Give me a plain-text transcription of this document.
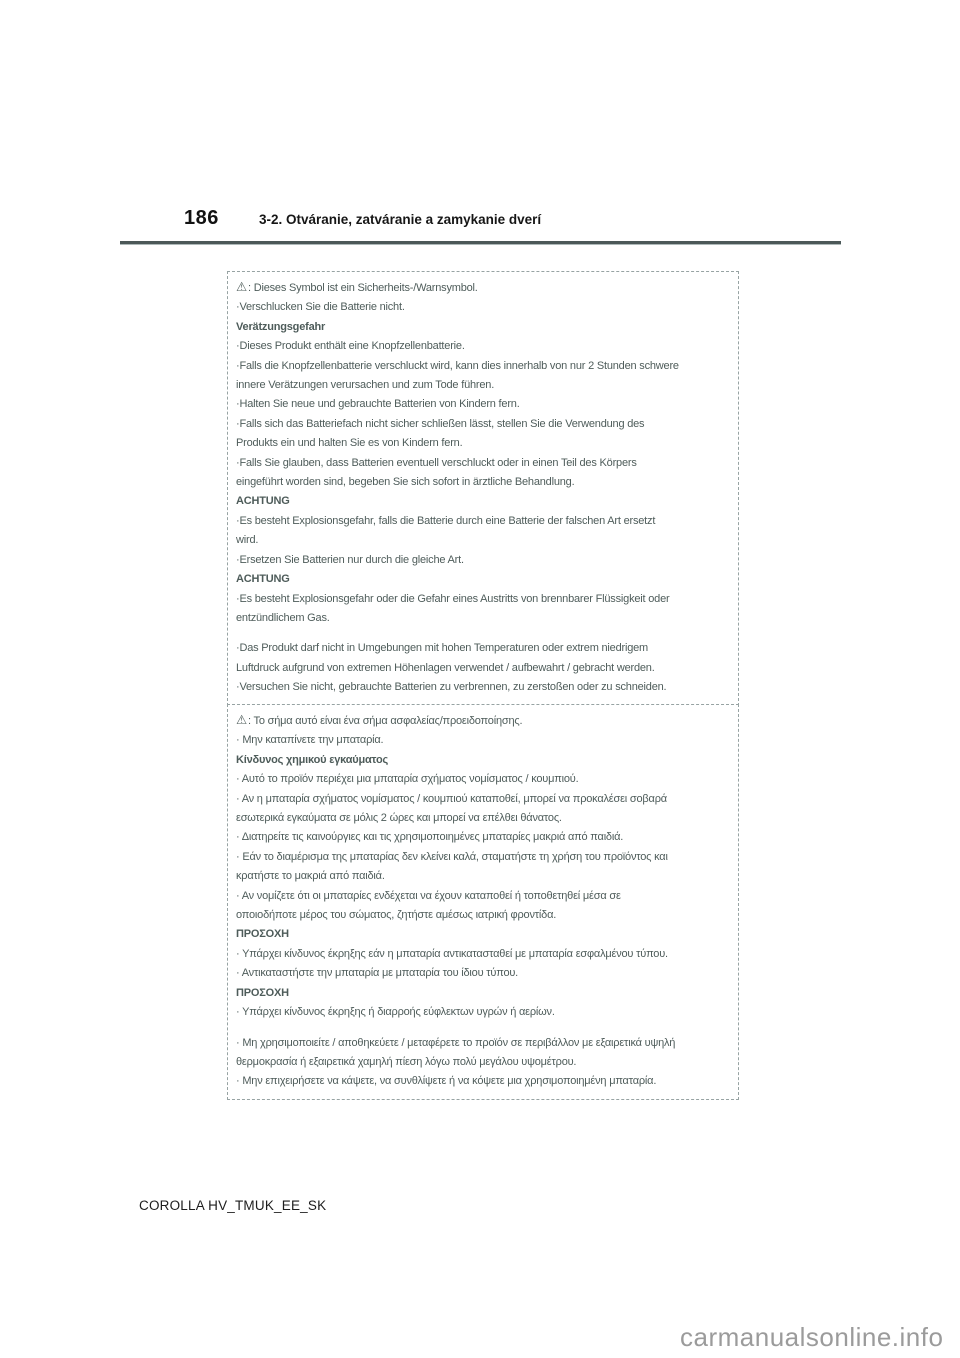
186	3-2. Otváranie, zatváranie a zamykanie dverí

⚠: Dieses Symbol ist ein Sicherheits-/Warnsymbol.

·Verschlucken Sie die Batterie nicht.

Verätzungsgefahr

·Dieses Produkt enthält eine Knopfzellenbatterie.

·Falls die Knopfzellenbatterie verschluckt wird, kann dies innerhalb von nur 2 Stunden schwere

innere Verätzungen verursachen und zum Tode führen.

·Halten Sie neue und gebrauchte Batterien von Kindern fern.

·Falls sich das Batteriefach nicht sicher schließen lässt, stellen Sie die Verwendung des

Produkts ein und halten Sie es von Kindern fern.

·Falls Sie glauben, dass Batterien eventuell verschluckt oder in einen Teil des Körpers

eingeführt worden sind, begeben Sie sich sofort in ärztliche Behandlung.

ACHTUNG

·Es besteht Explosionsgefahr, falls die Batterie durch eine Batterie der falschen Art ersetzt

wird.

·Ersetzen Sie Batterien nur durch die gleiche Art.

ACHTUNG

·Es besteht Explosionsgefahr oder die Gefahr eines Austritts von brennbarer Flüssigkeit oder

entzündlichem Gas.

·Das Produkt darf nicht in Umgebungen mit hohen Temperaturen oder extrem niedrigem

Luftdruck aufgrund von extremen Höhenlagen verwendet / aufbewahrt / gebracht werden.

·Versuchen Sie nicht, gebrauchte Batterien zu verbrennen, zu zerstoßen oder zu schneiden.

⚠: Το σήμα αυτό είναι ένα σήμα ασφαλείας/προειδοποίησης.

· Μην καταπίνετε την μπαταρία.

Κίνδυνος χημικού εγκαύματος

· Αυτό το προϊόν περιέχει μια μπαταρία σχήματος νομίσματος / κουμπιού.

· Αν η μπαταρία σχήματος νομίσματος / κουμπιού καταποθεί, μπορεί να προκαλέσει σοβαρά

εσωτερικά εγκαύματα σε μόλις 2 ώρες και μπορεί να επέλθει θάνατος.

· Διατηρείτε τις καινούργιες και τις χρησιμοποιημένες μπαταρίες μακριά από παιδιά.

· Εάν το διαμέρισμα της μπαταρίας δεν κλείνει καλά, σταματήστε τη χρήση του προϊόντος και

κρατήστε το μακριά από παιδιά.

· Αν νομίζετε ότι οι μπαταρίες ενδέχεται να έχουν καταποθεί ή τοποθετηθεί μέσα σε

οποιοδήποτε μέρος του σώματος, ζητήστε αμέσως ιατρική φροντίδα.

ΠΡΟΣΟΧΗ

· Υπάρχει κίνδυνος έκρηξης εάν η μπαταρία αντικατασταθεί με μπαταρία εσφαλμένου τύπου.

· Αντικαταστήστε την μπαταρία με μπαταρία του ίδιου τύπου.

ΠΡΟΣΟΧΗ

· Υπάρχει κίνδυνος έκρηξης ή διαρροής εύφλεκτων υγρών ή αερίων.

· Μη χρησιμοποιείτε / αποθηκεύετε / μεταφέρετε το προϊόν σε περιβάλλον με εξαιρετικά υψηλή

θερμοκρασία ή εξαιρετικά χαμηλή πίεση λόγω πολύ μεγάλου υψομέτρου.

· Μην επιχειρήσετε να κάψετε, να συνθλίψετε ή να κόψετε μια χρησιμοποιημένη μπαταρία.

COROLLA HV_TMUK_EE_SK
carmanualsonline.info
